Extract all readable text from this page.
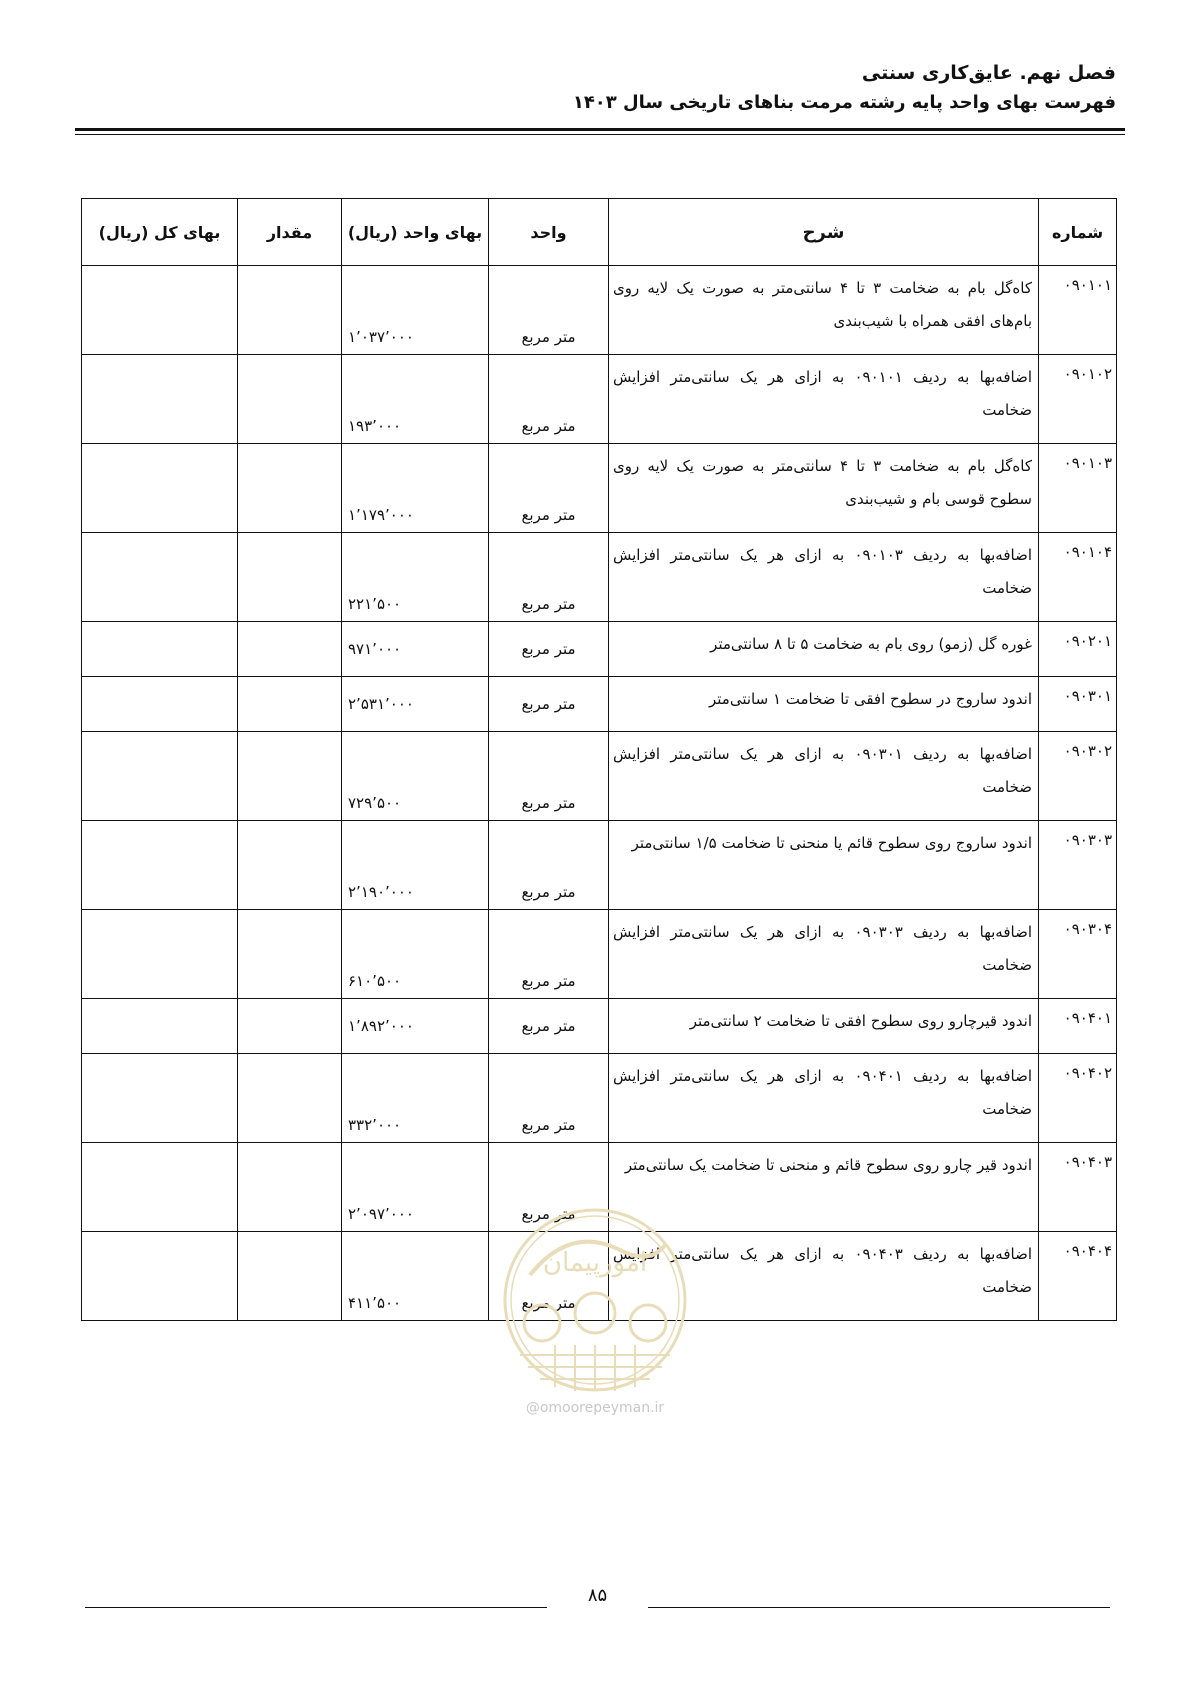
فصل نهم. عایق‌کاری سنتی
فهرست بهای واحد پایه رشته مرمت بناهای تاریخی سال ۱۴۰۳
شماره	شرح	واحد	بهای واحد (ریال)	مقدار	بهای کل (ریال)
۰۹۰۱۰۱	کاه‌گل بام به ضخامت ۳ تا ۴ سانتی‌متر به صورت یک لایه روی بام‌های افقی همراه با شیب‌بندی	متر مربع	۱٬۰۳۷٬۰۰۰		
۰۹۰۱۰۲	اضافه‌بها به ردیف ۰۹۰۱۰۱ به ازای هر یک سانتی‌متر افزایش ضخامت	متر مربع	۱۹۳٬۰۰۰		
۰۹۰۱۰۳	کاه‌گل بام به ضخامت ۳ تا ۴ سانتی‌متر به صورت یک لایه روی سطوح قوسی بام و شیب‌بندی	متر مربع	۱٬۱۷۹٬۰۰۰		
۰۹۰۱۰۴	اضافه‌بها به ردیف ۰۹۰۱۰۳ به ازای هر یک سانتی‌متر افزایش ضخامت	متر مربع	۲۲۱٬۵۰۰		
۰۹۰۲۰۱	غوره گل (زمو) روی بام به ضخامت ۵ تا ۸ سانتی‌متر	متر مربع	۹۷۱٬۰۰۰		
۰۹۰۳۰۱	اندود ساروج در سطوح افقی تا ضخامت ۱ سانتی‌متر	متر مربع	۲٬۵۳۱٬۰۰۰		
۰۹۰۳۰۲	اضافه‌بها به ردیف ۰۹۰۳۰۱ به ازای هر یک سانتی‌متر افزایش ضخامت	متر مربع	۷۲۹٬۵۰۰		
۰۹۰۳۰۳	اندود ساروج روی سطوح قائم یا منحنی تا ضخامت ۱/۵ سانتی‌متر	متر مربع	۲٬۱۹۰٬۰۰۰		
۰۹۰۳۰۴	اضافه‌بها به ردیف ۰۹۰۳۰۳ به ازای هر یک سانتی‌متر افزایش ضخامت	متر مربع	۶۱۰٬۵۰۰		
۰۹۰۴۰۱	اندود قیرچارو روی سطوح افقی تا ضخامت ۲ سانتی‌متر	متر مربع	۱٬۸۹۲٬۰۰۰		
۰۹۰۴۰۲	اضافه‌بها به ردیف ۰۹۰۴۰۱ به ازای هر یک سانتی‌متر افزایش ضخامت	متر مربع	۳۳۲٬۰۰۰		
۰۹۰۴۰۳	اندود قیر چارو روی سطوح قائم و منحنی تا ضخامت یک سانتی‌متر	متر مربع	۲٬۰۹۷٬۰۰۰		
۰۹۰۴۰۴	اضافه‌بها به ردیف ۰۹۰۴۰۳ به ازای هر یک سانتی‌متر افزایش ضخامت	متر مربع	۴۱۱٬۵۰۰		
امورپیمان
@omoorepeyman.ir
۸۵
